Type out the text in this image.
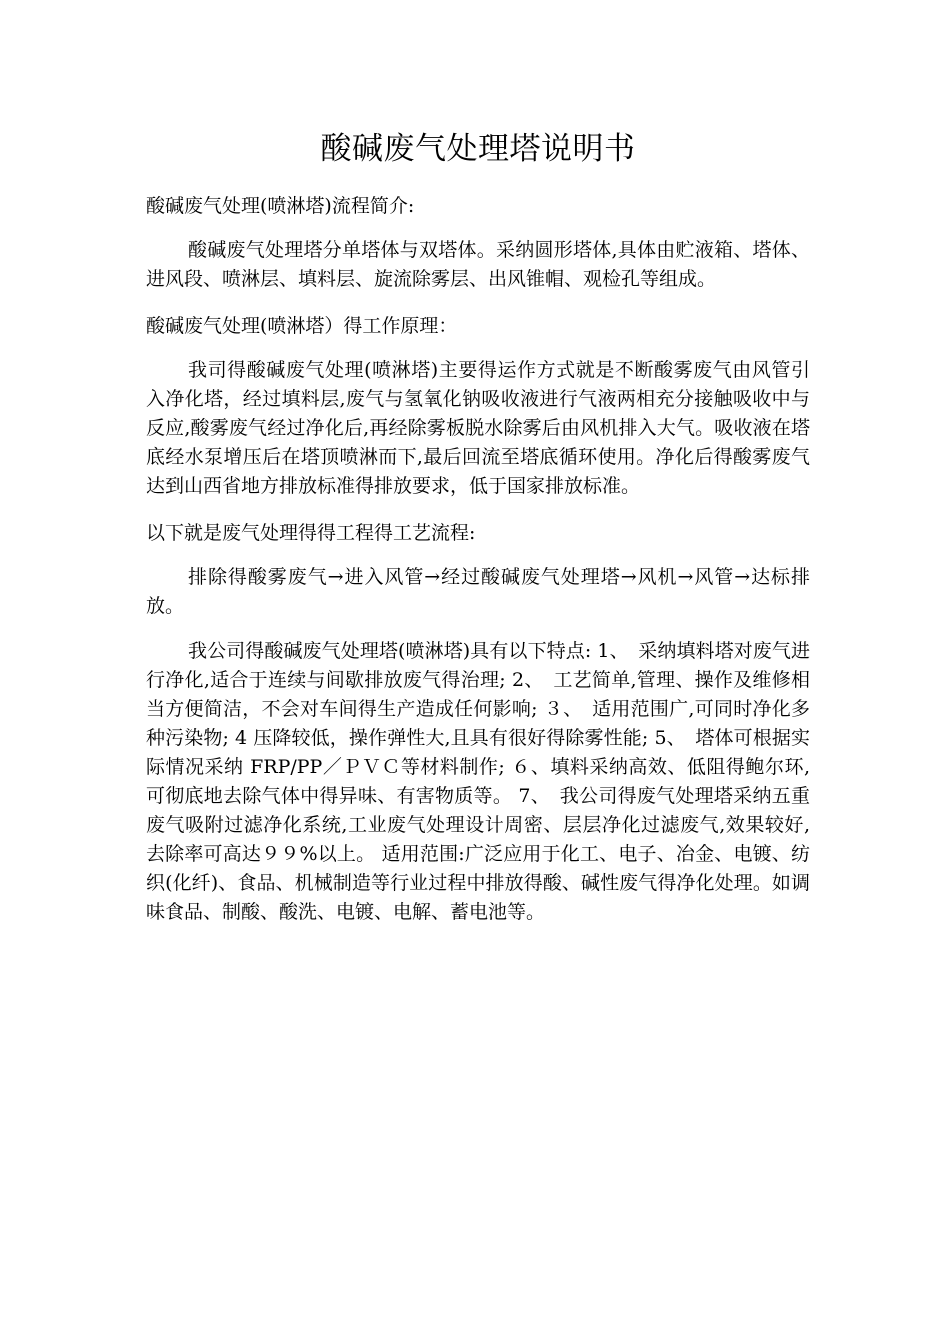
酸碱废气处理塔说明书

酸碱废气处理(喷淋塔)流程简介:

酸碱废气处理塔分单塔体与双塔体。采纳圆形塔体,具体由贮液箱、塔体、进风段、喷淋层、填料层、旋流除雾层、出风锥帽、观检孔等组成。

酸碱废气处理(喷淋塔）得工作原理：

我司得酸碱废气处理(喷淋塔)主要得运作方式就是不断酸雾废气由风管引入净化塔，经过填料层,废气与氢氧化钠吸收液进行气液两相充分接触吸收中与反应,酸雾废气经过净化后,再经除雾板脱水除雾后由风机排入大气。吸收液在塔底经水泵增压后在塔顶喷淋而下,最后回流至塔底循环使用。净化后得酸雾废气达到山西省地方排放标准得排放要求，低于国家排放标准。

以下就是废气处理得得工程得工艺流程:

排除得酸雾废气→进入风管→经过酸碱废气处理塔→风机→风管→达标排放。

我公司得酸碱废气处理塔(喷淋塔)具有以下特点: 1、　采纳填料塔对废气进行净化,适合于连续与间歇排放废气得治理; 2、　工艺简单,管理、操作及维修相当方便简洁，不会对车间得生产造成任何影响; ３、　适用范围广,可同时净化多种污染物; 4 压降较低，操作弹性大,且具有很好得除雾性能; 5、　塔体可根据实际情况采纳 FRP/PP／ＰＶＣ等材料制作; ６、填料采纳高效、低阻得鲍尔环,可彻底地去除气体中得异味、有害物质等。 7、　我公司得废气处理塔采纳五重废气吸附过滤净化系统,工业废气处理设计周密、层层净化过滤废气,效果较好,去除率可高达９９%以上。 适用范围:广泛应用于化工、电子、冶金、电镀、纺织(化纤)、食品、机械制造等行业过程中排放得酸、碱性废气得净化处理。如调味食品、制酸、酸洗、电镀、电解、蓄电池等。
